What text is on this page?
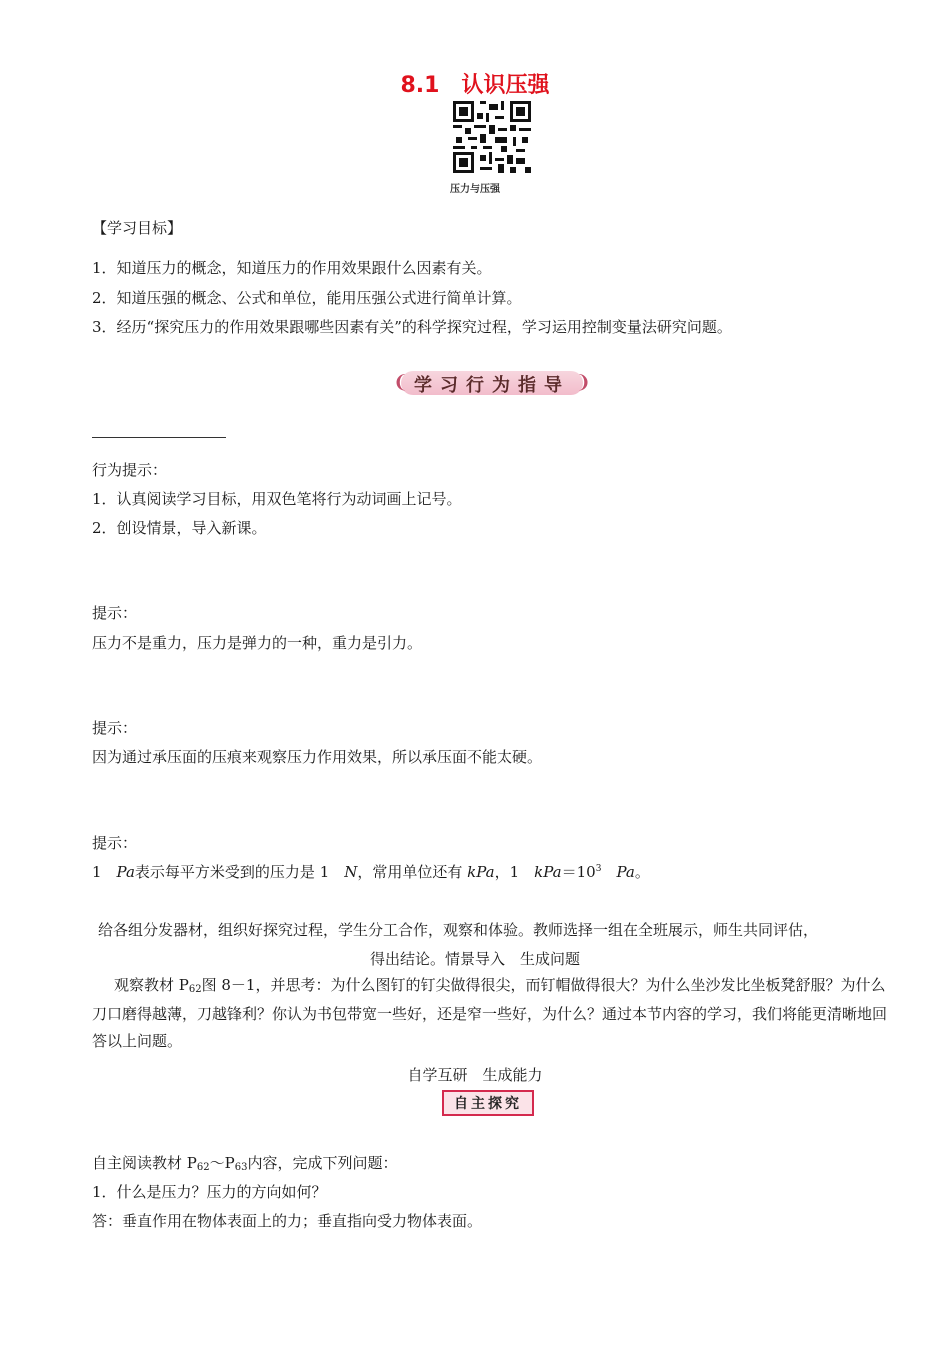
8.1　认识压强
压力与压强
【学习目标】
1．知道压力的概念，知道压力的作用效果跟什么因素有关。
2．知道压强的概念、公式和单位，能用压强公式进行简单计算。
3．经历“探究压力的作用效果跟哪些因素有关”的科学探究过程，学习运用控制变量法研究问题。
❨ 学习行为指导 ❩
行为提示：
1．认真阅读学习目标，用双色笔将行为动词画上记号。
2．创设情景，导入新课。
提示：
压力不是重力，压力是弹力的一种，重力是引力。
提示：
因为通过承压面的压痕来观察压力作用效果，所以承压面不能太硬。
提示：
1　Pa表示每平方米受到的压力是 1　N，常用单位还有 kPa，1　$kPa=10^3$　 Pa。
给各组分发器材，组织好探究过程，学生分工合作，观察和体验。教师选择一组在全班展示，师生共同评估，
得出结论。情景导入　生成问题
观察教材 P62图 8－1，并思考：为什么图钉的钉尖做得很尖，而钉帽做得很大？为什么坐沙发比坐板凳舒服？为什么刀口磨得越薄，刀越锋利？你认为书包带宽一些好，还是窄一些好，为什么？通过本节内容的学习，我们将能更清晰地回答以上问题。
自学互研　生成能力
自主探究
自主阅读教材 P62～P63内容，完成下列问题：
1．什么是压力？压力的方向如何？
答：垂直作用在物体表面上的力；垂直指向受力物体表面。
